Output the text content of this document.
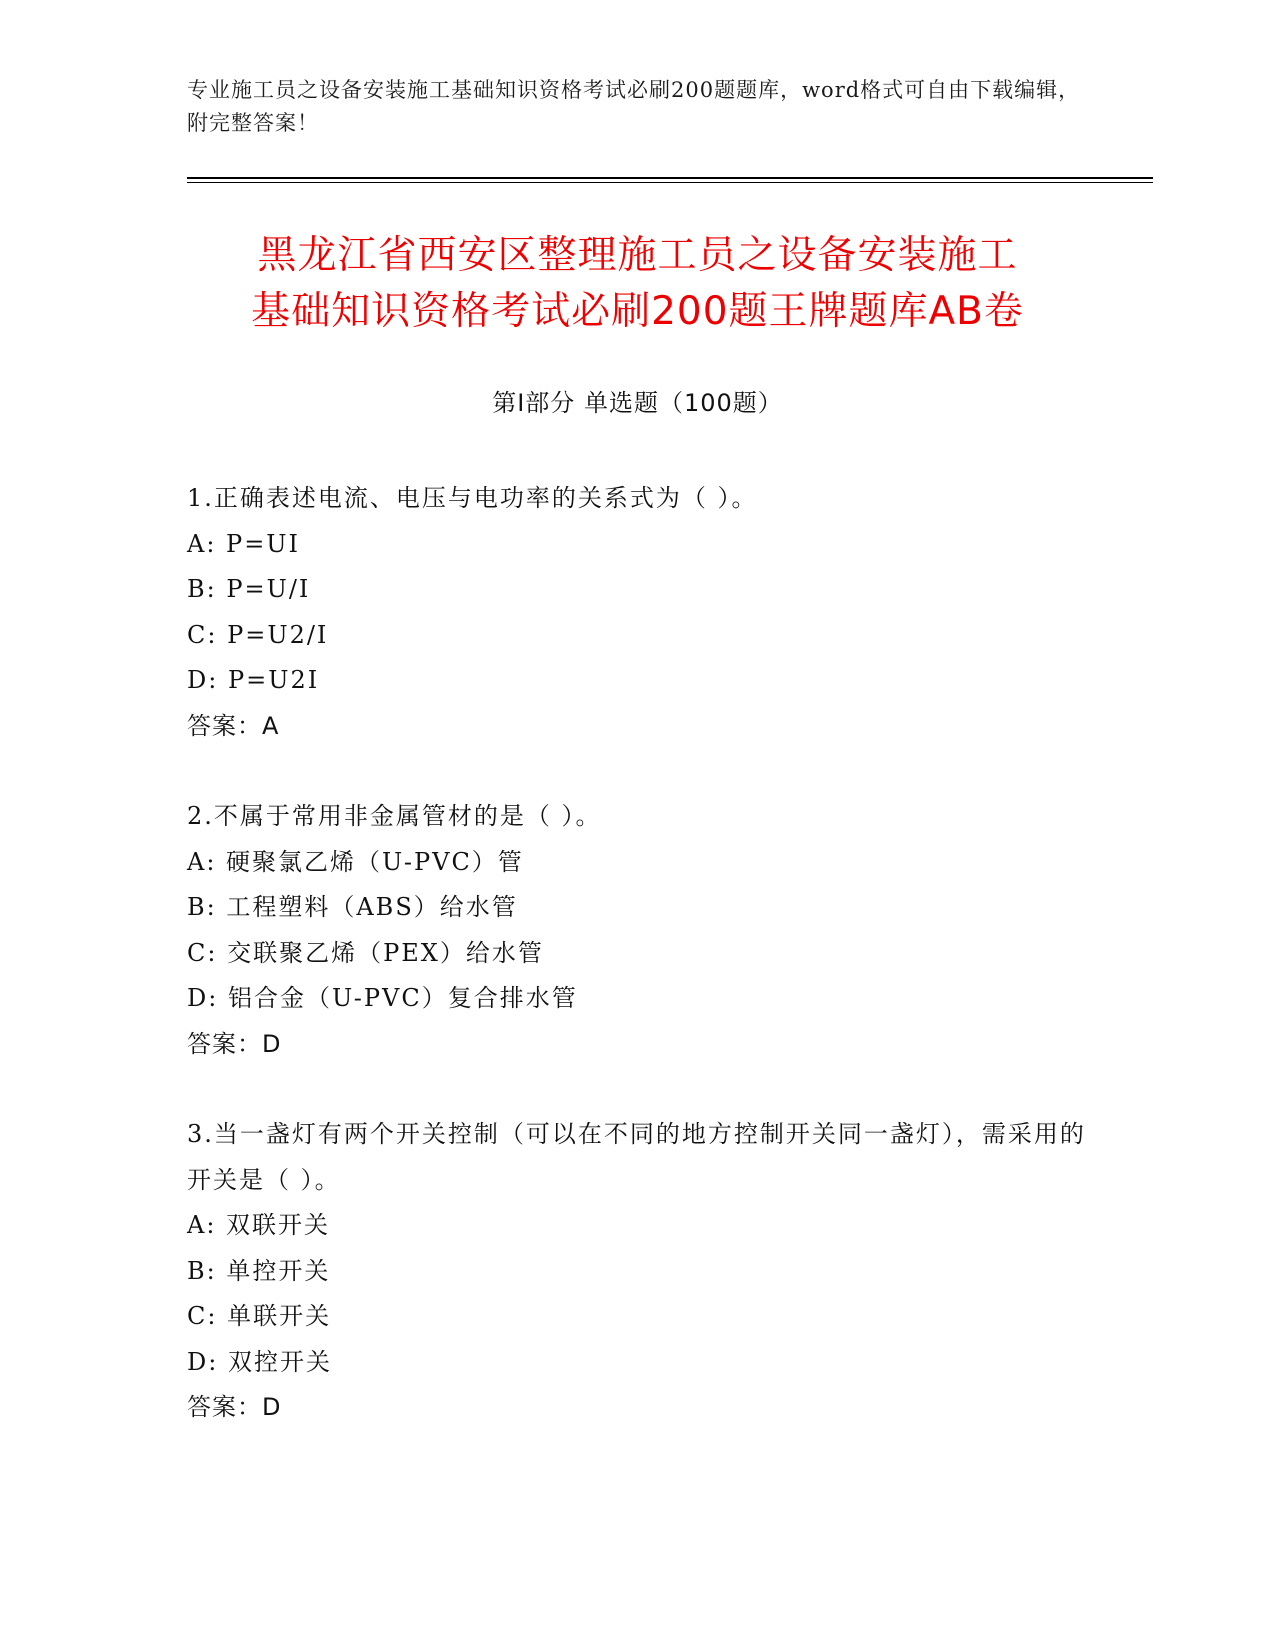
专业施工员之设备安装施工基础知识资格考试必刷200题题库，word格式可自由下载编辑，附完整答案！
黑龙江省西安区整理施工员之设备安装施工
基础知识资格考试必刷200题王牌题库AB卷
第Ⅰ部分 单选题（100题）
1.正确表述电流、电压与电功率的关系式为（ ）。
A: P=UI
B: P=U/I
C: P=U2/I
D: P=U2I
答案：A
2.不属于常用非金属管材的是（ ）。
A: 硬聚氯乙烯（U-PVC）管
B: 工程塑料（ABS）给水管
C: 交联聚乙烯（PEX）给水管
D: 铝合金（U-PVC）复合排水管
答案：D
3.当一盏灯有两个开关控制（可以在不同的地方控制开关同一盏灯），需采用的开关是（ ）。
A: 双联开关
B: 单控开关
C: 单联开关
D: 双控开关
答案：D
